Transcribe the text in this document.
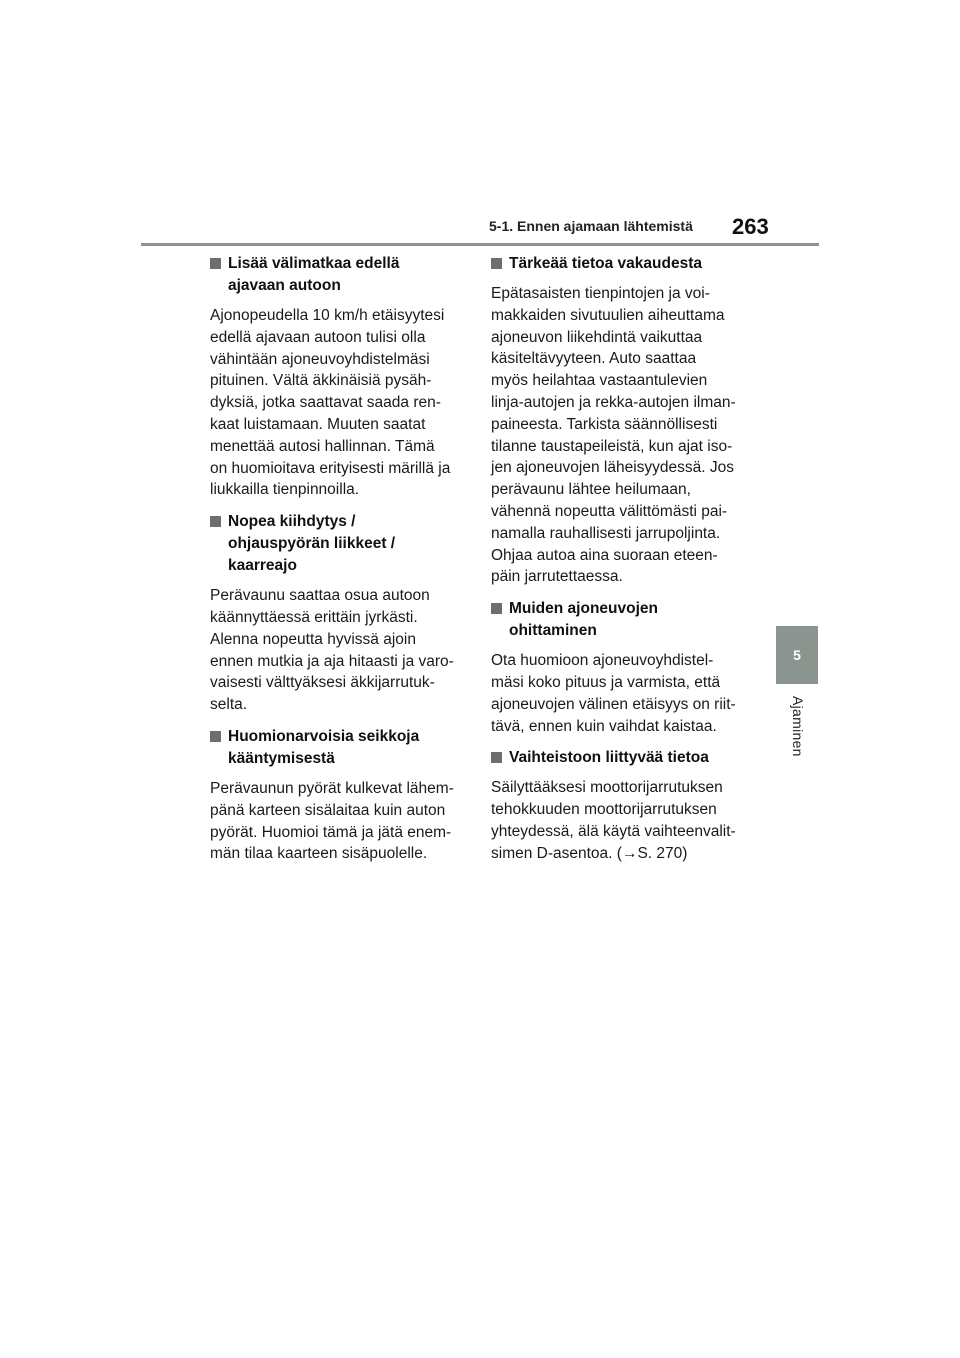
5-1. Ennen ajamaan lähtemistä 263
5
Ajaminen
Lisää välimatkaa edellä
ajavaan autoon

Ajonopeudella 10 km/h etäisyytesi
edellä ajavaan autoon tulisi olla
vähintään ajoneuvoyhdistelmäsi
pituinen. Vältä äkkinäisiä pysäh-
dyksiä, jotka saattavat saada ren-
kaat luistamaan. Muuten saatat
menettää autosi hallinnan. Tämä
on huomioitava erityisesti märillä ja
liukkailla tienpinnoilla.

Nopea kiihdytys /
ohjauspyörän liikkeet /
kaarreajo

Perävaunu saattaa osua autoon
käännyttäessä erittäin jyrkästi.
Alenna nopeutta hyvissä ajoin
ennen mutkia ja aja hitaasti ja varo-
vaisesti välttyäksesi äkkijarrutuk-
selta.

Huomionarvoisia seikkoja
kääntymisestä

Perävaunun pyörät kulkevat lähem-
pänä karteen sisälaitaa kuin auton
pyörät. Huomioi tämä ja jätä enem-
män tilaa kaarteen sisäpuolelle.

Tärkeää tietoa vakaudesta

Epätasaisten tienpintojen ja voi-
makkaiden sivutuulien aiheuttama
ajoneuvon liikehdintä vaikuttaa
käsiteltävyyteen. Auto saattaa
myös heilahtaa vastaantulevien
linja-autojen ja rekka-autojen ilman-
paineesta. Tarkista säännöllisesti
tilanne taustapeileistä, kun ajat iso-
jen ajoneuvojen läheisyydessä. Jos
perävaunu lähtee heilumaan,
vähennä nopeutta välittömästi pai-
namalla rauhallisesti jarrupoljinta.
Ohjaa autoa aina suoraan eteen-
päin jarrutettaessa.

Muiden ajoneuvojen
ohittaminen

Ota huomioon ajoneuvoyhdistel-
mäsi koko pituus ja varmista, että
ajoneuvojen välinen etäisyys on riit-
tävä, ennen kuin vaihdat kaistaa.

Vaihteistoon liittyvää tietoa

Säilyttääksesi moottorijarrutuksen
tehokkuuden moottorijarrutuksen
yhteydessä, älä käytä vaihteenvalit-
simen D-asentoa. (→S. 270)
